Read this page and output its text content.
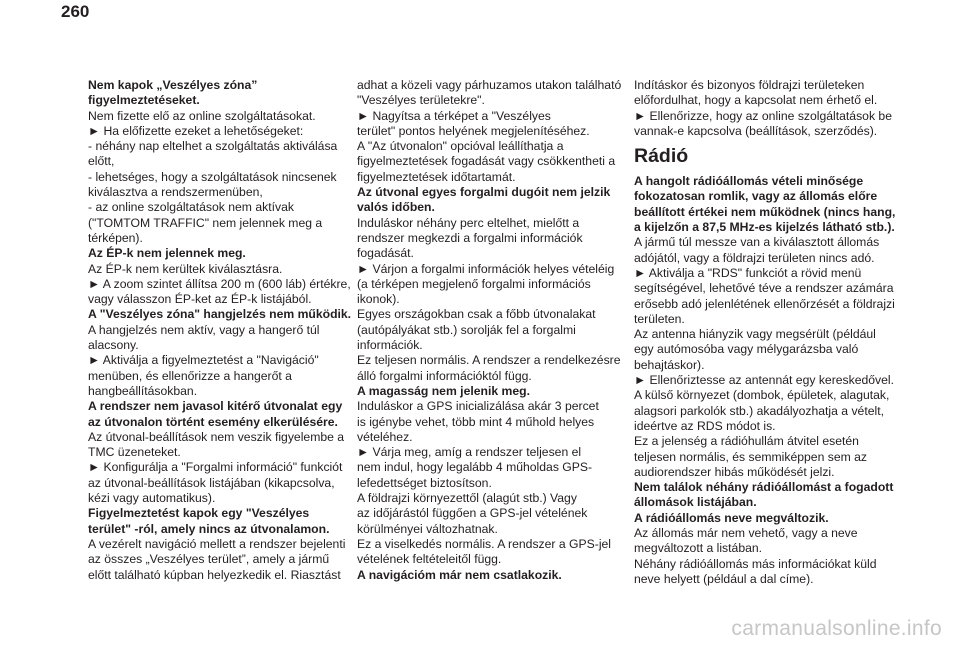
260

Nem kapok „Veszélyes zóna”
figyelmeztetéseket.

Nem fizette elő az online szolgáltatásokat.
► Ha előfizette ezeket a lehetőségeket:
- néhány nap eltelhet a szolgáltatás aktiválása
előtt,
- lehetséges, hogy a szolgáltatások nincsenek
kiválasztva a rendszermenüben,
- az online szolgáltatások nem aktívak
("TOMTOM TRAFFIC" nem jelennek meg a
térképen).

Az ÉP-k nem jelennek meg.

Az ÉP-k nem kerültek kiválasztásra.
► A zoom szintet állítsa 200 m (600 láb) értékre,
vagy válasszon ÉP-ket az ÉP-k listájából.

A "Veszélyes zóna" hangjelzés nem működik.

A hangjelzés nem aktív, vagy a hangerő túl
alacsony.
► Aktiválja a figyelmeztetést a "Navigáció"
menüben, és ellenőrizze a hangerőt a
hangbeállításokban.

A rendszer nem javasol kitérő útvonalat egy
az útvonalon történt esemény elkerülésére.

Az útvonal-beállítások nem veszik figyelembe a
TMC üzeneteket.
► Konfigurálja a "Forgalmi információ" funkciót
az útvonal-beállítások listájában (kikapcsolva,
kézi vagy automatikus).

Figyelmeztetést kapok egy "Veszélyes
terület" -ról, amely nincs az útvonalamon.

A vezérelt navigáció mellett a rendszer bejelenti
az összes „Veszélyes terület”, amely a jármű
előtt található kúpban helyezkedik el. Riasztást

adhat a közeli vagy párhuzamos utakon található
"Veszélyes területekre".
► Nagyítsa a térképet a "Veszélyes
terület" pontos helyének megjelenítéséhez.
A "Az útvonalon" opcióval leállíthatja a
figyelmeztetések fogadását vagy csökkentheti a
figyelmeztetések időtartamát.

Az útvonal egyes forgalmi dugóit nem jelzik
valós időben.

Induláskor néhány perc eltelhet, mielőtt a
rendszer megkezdi a forgalmi információk
fogadását.
► Várjon a forgalmi információk helyes vételéig
(a térképen megjelenő forgalmi információs
ikonok).
Egyes országokban csak a főbb útvonalakat
(autópályákat stb.) sorolják fel a forgalmi
információk.
Ez teljesen normális. A rendszer a rendelkezésre
álló forgalmi információktól függ.

A magasság nem jelenik meg.

Induláskor a GPS inicializálása akár 3 percet
is igénybe vehet, több mint 4 műhold helyes
vételéhez.
► Várja meg, amíg a rendszer teljesen el
nem indul, hogy legalább 4 műholdas GPS-
lefedettséget biztosítson.
A földrajzi környezettől (alagút stb.) Vagy
az időjárástól függően a GPS-jel vételének
körülményei változhatnak.
Ez a viselkedés normális. A rendszer a GPS-jel
vételének feltételeitől függ.

A navigációm már nem csatlakozik.

Indításkor és bizonyos földrajzi területeken
előfordulhat, hogy a kapcsolat nem érhető el.
► Ellenőrizze, hogy az online szolgáltatások be
vannak-e kapcsolva (beállítások, szerződés).

Rádió

A hangolt rádióállomás vételi minősége
fokozatosan romlik, vagy az állomás előre
beállított értékei nem működnek (nincs hang,
a kijelzőn a 87,5 MHz-es kijelzés látható stb.).

A jármű túl messze van a kiválasztott állomás
adójától, vagy a földrajzi területen nincs adó.
► Aktiválja a "RDS" funkciót a rövid menü
segítségével, lehetővé téve a rendszer azámára
erősebb adó jelenlétének ellenőrzését a földrajzi
területen.
Az antenna hiányzik vagy megsérült (például
egy autómosóba vagy mélygarázsba való
behajtáskor).
► Ellenőriztesse az antennát egy kereskedővel.
A külső környezet (dombok, épületek, alagutak,
alagsori parkolók stb.) akadályozhatja a vételt,
ideértve az RDS módot is.
Ez a jelenség a rádióhullám átvitel esetén
teljesen normális, és semmiképpen sem az
audiorendszer hibás működését jelzi.

Nem találok néhány rádióállomást a fogadott
állomások listájában.

A rádióállomás neve megváltozik.

Az állomás már nem vehető, vagy a neve
megváltozott a listában.
Néhány rádióállomás más információkat küld
neve helyett (például a dal címe).

carmanualsonline.info
